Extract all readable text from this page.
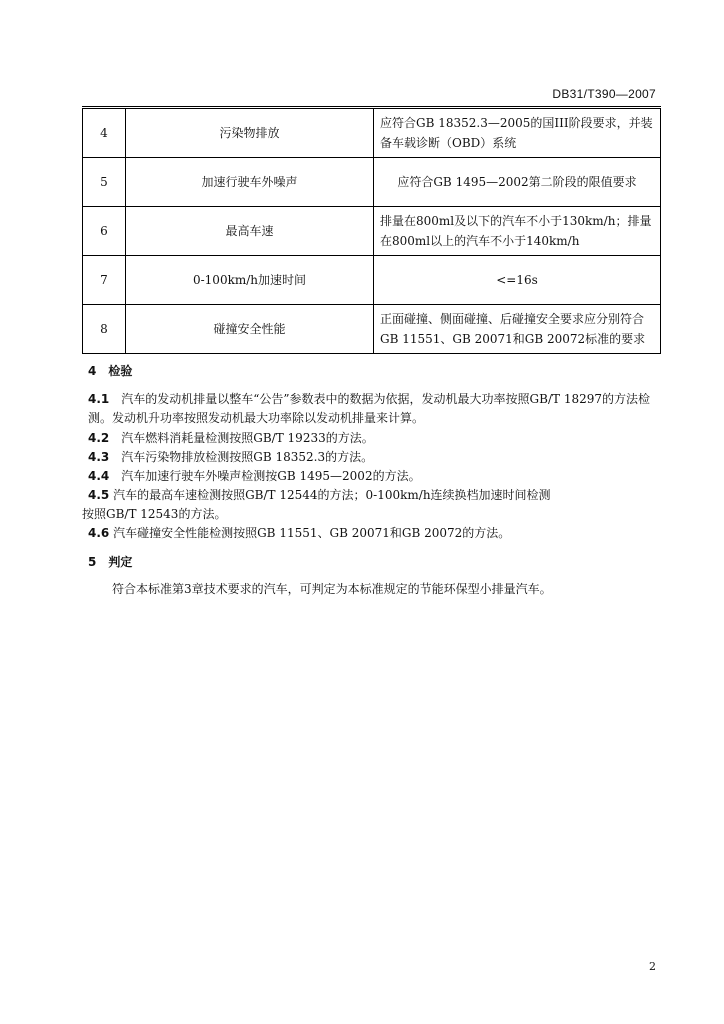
DB31/T390—2007
4	污染物排放	应符合GB 18352.3—2005的国III阶段要求，并装备车载诊断（OBD）系统
5	加速行驶车外噪声	应符合GB 1495—2002第二阶段的限值要求
6	最高车速	排量在800ml及以下的汽车不小于130km/h；排量在800ml以上的汽车不小于140km/h
7	0-100km/h加速时间	<=16s
8	碰撞安全性能	正面碰撞、侧面碰撞、后碰撞安全要求应分别符合GB 11551、GB 20071和GB 20072标准的要求
4　检验
4.1　 汽车的发动机排量以整车“公告”参数表中的数据为依据，发动机最大功率按照GB/T 18297的方法检测。发动机升功率按照发动机最大功率除以发动机排量来计算。
4.2　 汽车燃料消耗量检测按照GB/T 19233的方法。
4.3　 汽车污染物排放检测按照GB 18352.3的方法。
4.4　 汽车加速行驶车外噪声检测按GB 1495—2002的方法。
4.5 汽车的最高车速检测按照GB/T 12544的方法；0-100km/h连续换档加速时间检测
按照GB/T 12543的方法。
4.6 汽车碰撞安全性能检测按照GB 11551、GB 20071和GB 20072的方法。
5　判定
符合本标准第3章技术要求的汽车，可判定为本标准规定的节能环保型小排量汽车。
2
